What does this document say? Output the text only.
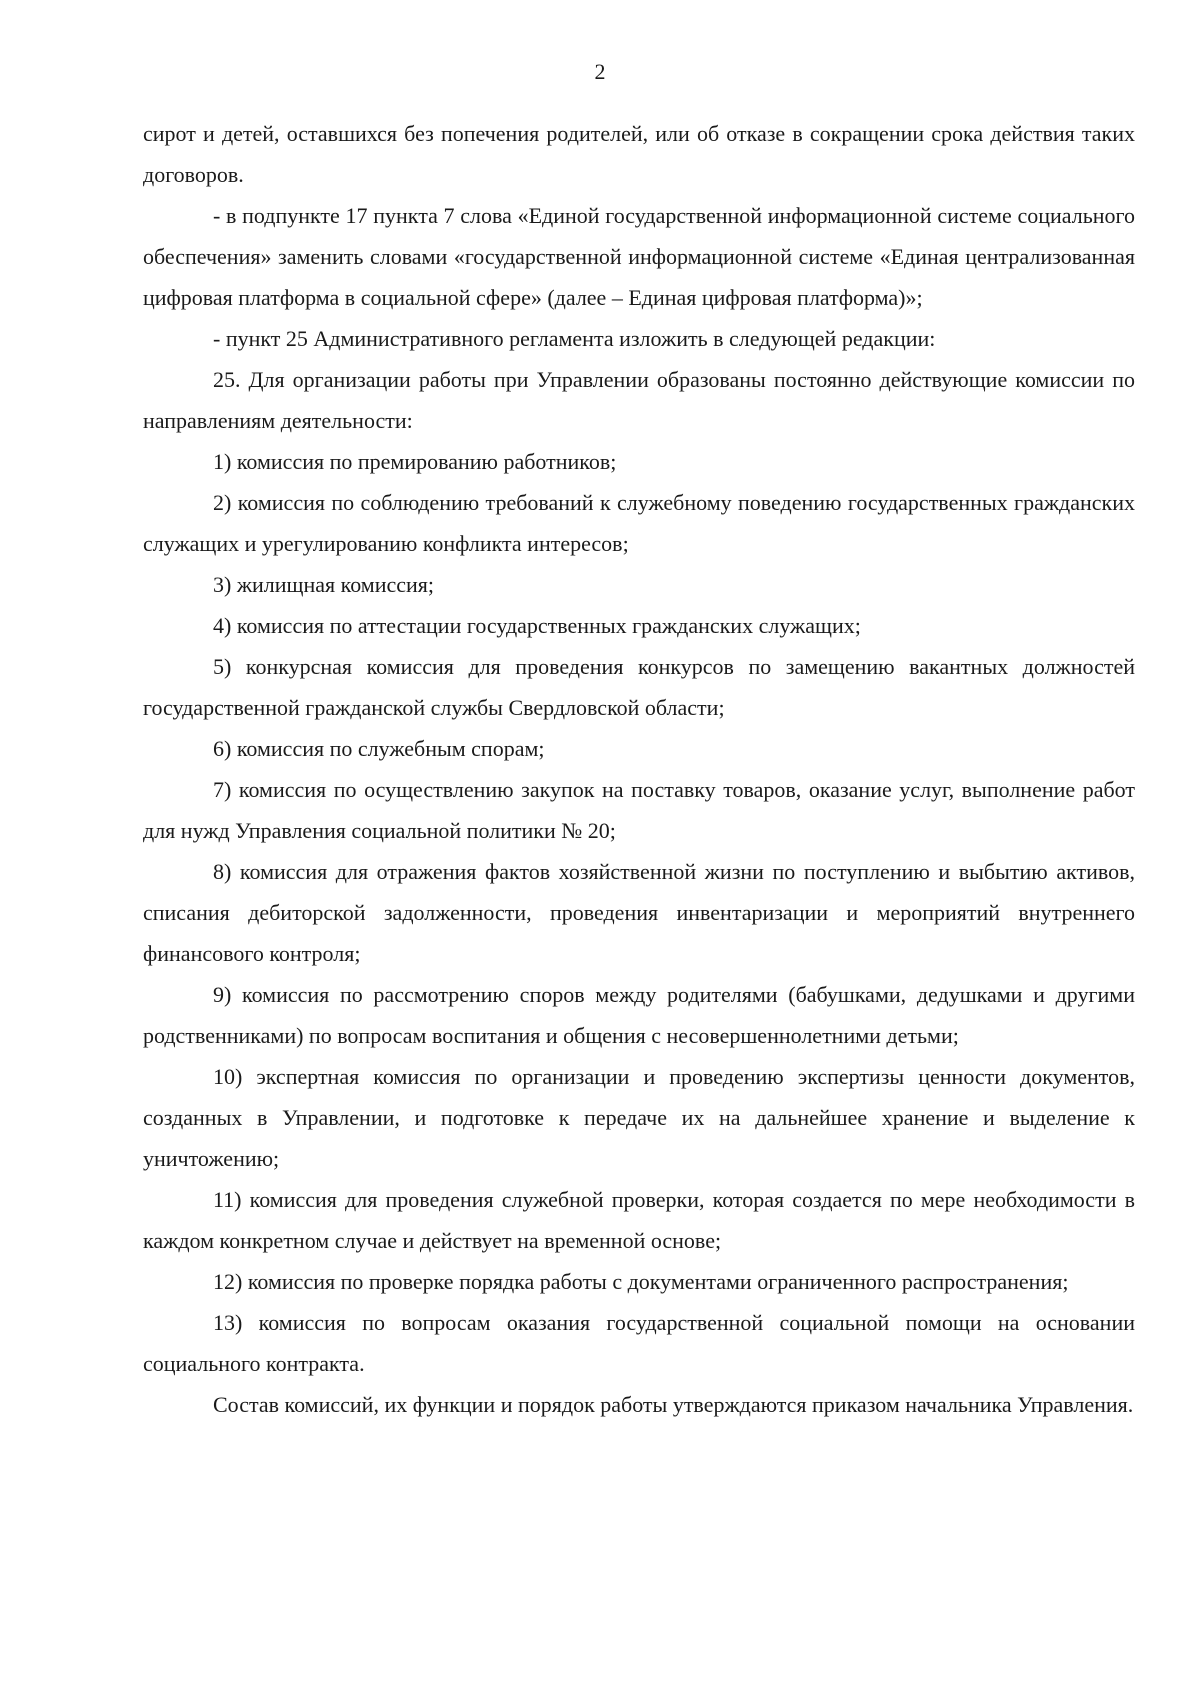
2

сирот и детей, оставшихся без попечения родителей, или об отказе в сокращении срока действия таких договоров.

- в подпункте 17 пункта 7 слова «Единой государственной информационной системе социального обеспечения» заменить словами «государственной информационной системе «Единая централизованная цифровая платформа в социальной сфере» (далее – Единая цифровая платформа)»;

- пункт 25 Административного регламента изложить в следующей редакции:

25. Для организации работы при Управлении образованы постоянно действующие комиссии по направлениям деятельности:

1) комиссия по премированию работников;

2) комиссия по соблюдению требований к служебному поведению государственных гражданских служащих и урегулированию конфликта интересов;

3) жилищная комиссия;

4) комиссия по аттестации государственных гражданских служащих;

5) конкурсная комиссия для проведения конкурсов по замещению вакантных должностей государственной гражданской службы Свердловской области;

6) комиссия по служебным спорам;

7) комиссия по осуществлению закупок на поставку товаров, оказание услуг, выполнение работ для нужд Управления социальной политики № 20;

8) комиссия для отражения фактов хозяйственной жизни по поступлению и выбытию активов, списания дебиторской задолженности, проведения инвентаризации и мероприятий внутреннего финансового контроля;

9) комиссия по рассмотрению споров между родителями (бабушками, дедушками и другими родственниками) по вопросам воспитания и общения с несовершеннолетними детьми;

10) экспертная комиссия по организации и проведению экспертизы ценности документов, созданных в Управлении, и подготовке к передаче их на дальнейшее хранение и выделение к уничтожению;

11) комиссия для проведения служебной проверки, которая создается по мере необходимости в каждом конкретном случае и действует на временной основе;

12) комиссия по проверке порядка работы с документами ограниченного распространения;

13) комиссия по вопросам оказания государственной социальной помощи на основании социального контракта.

Состав комиссий, их функции и порядок работы утверждаются приказом начальника Управления.
